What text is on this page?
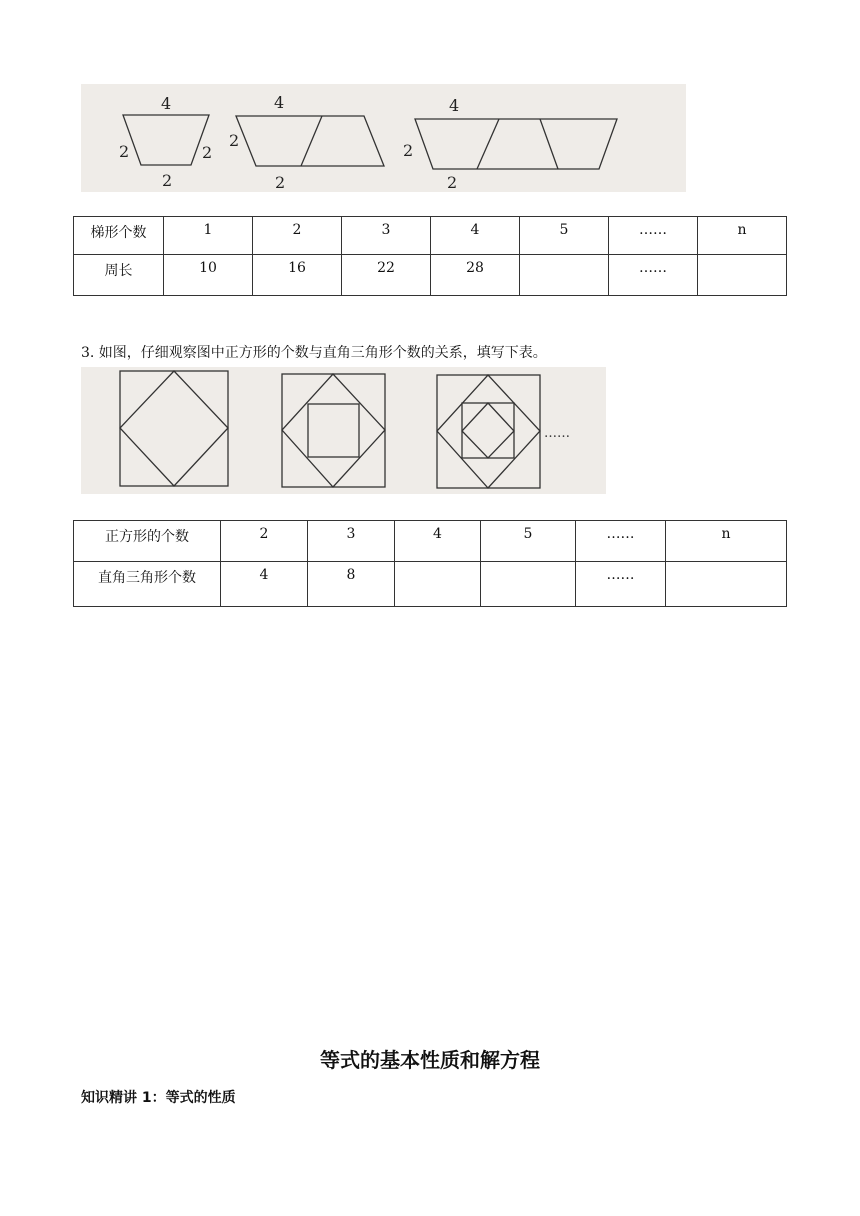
4
2	2
2
4
2
2
4
2
2
梯形个数	1	2	3	4	5	……	n
周长	10	16	22	28		……	
3. 如图，仔细观察图中正方形的个数与直角三角形个数的关系，填写下表。
……
正方形的个数	2	3	4	5	……	n
直角三角形个数	4	8			……	
等式的基本性质和解方程
知识精讲 1：等式的性质
